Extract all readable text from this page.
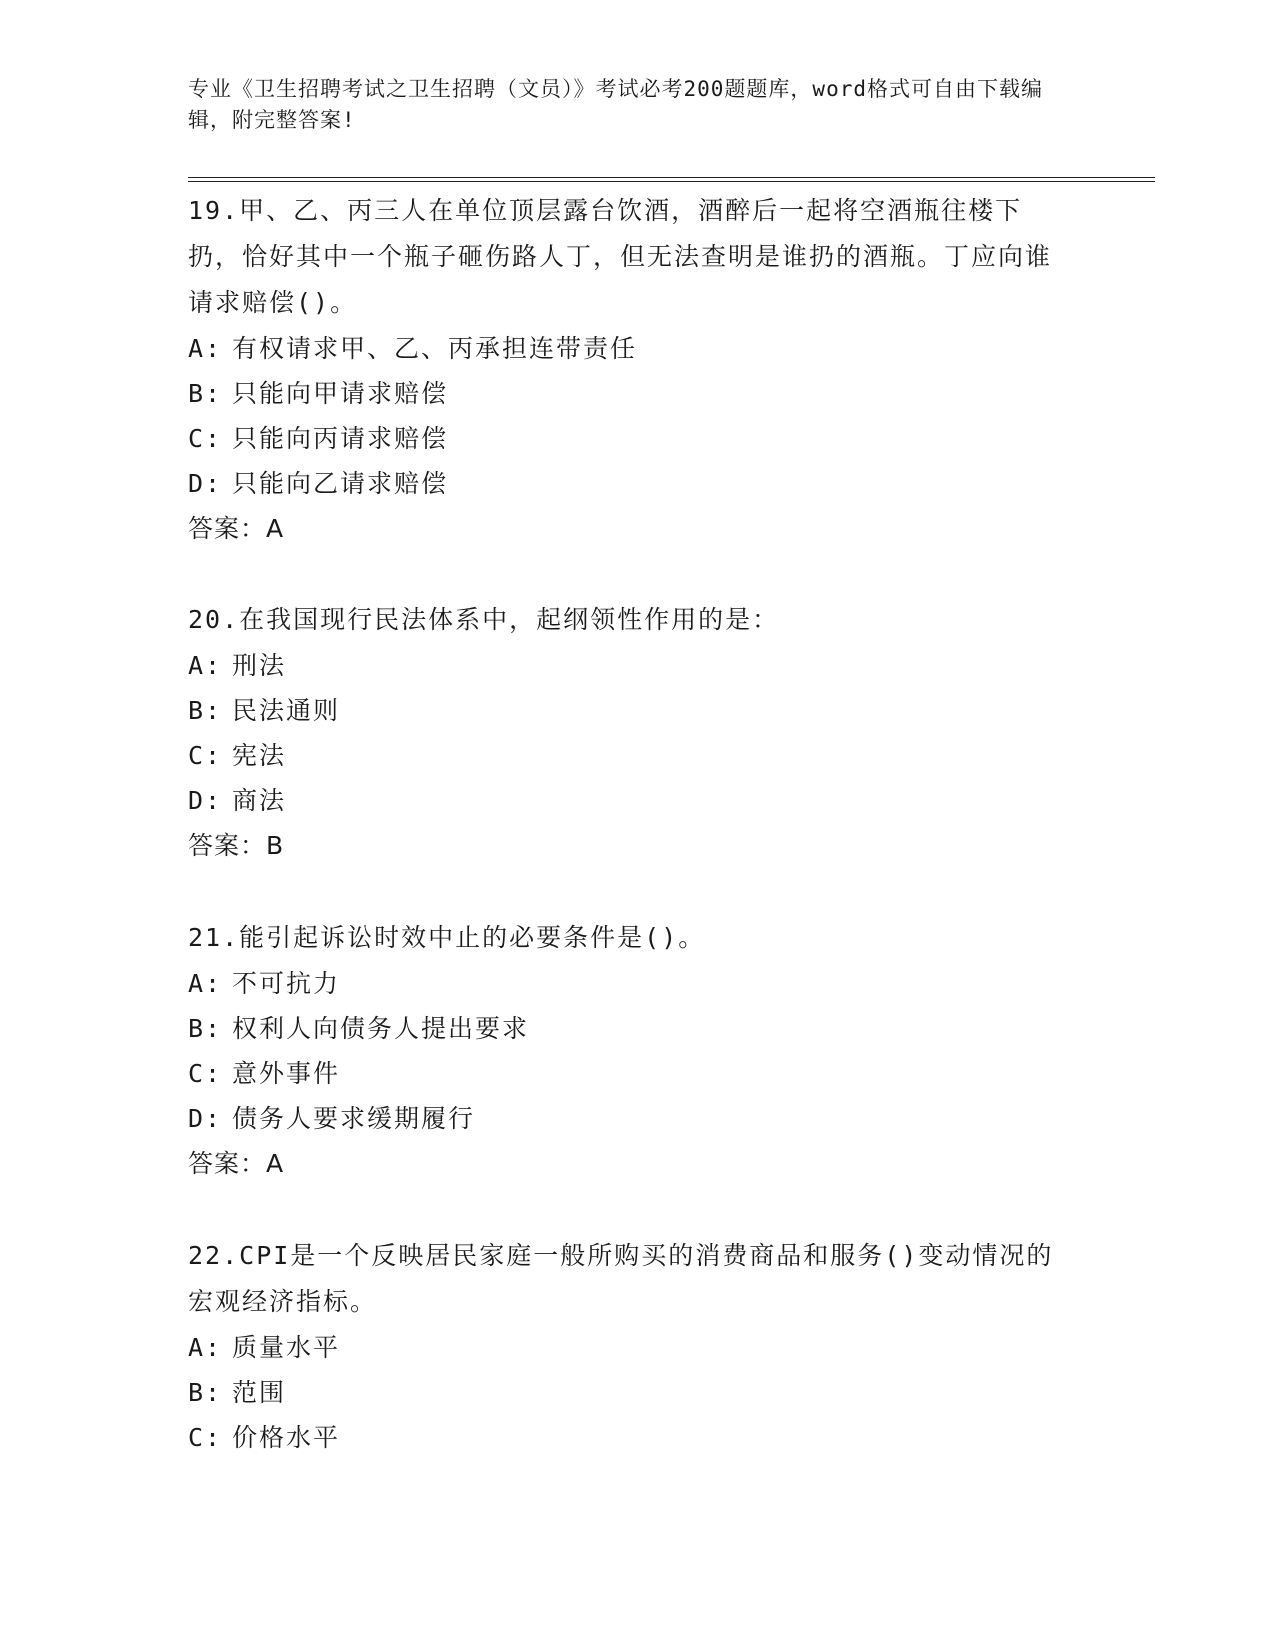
专业《卫生招聘考试之卫生招聘（文员）》考试必考200题题库，word格式可自由下载编辑，附完整答案!

19.甲、乙、丙三人在单位顶层露台饮酒，酒醉后一起将空酒瓶往楼下扔，恰好其中一个瓶子砸伤路人丁，但无法查明是谁扔的酒瓶。丁应向谁请求赔偿()。

A: 有权请求甲、乙、丙承担连带责任
B: 只能向甲请求赔偿
C: 只能向丙请求赔偿
D: 只能向乙请求赔偿
答案：A

20.在我国现行民法体系中，起纲领性作用的是：

A: 刑法
B: 民法通则
C: 宪法
D: 商法
答案：B

21.能引起诉讼时效中止的必要条件是()。

A: 不可抗力
B: 权利人向债务人提出要求
C: 意外事件
D: 债务人要求缓期履行
答案：A

22.CPI是一个反映居民家庭一般所购买的消费商品和服务()变动情况的宏观经济指标。

A: 质量水平
B: 范围
C: 价格水平
